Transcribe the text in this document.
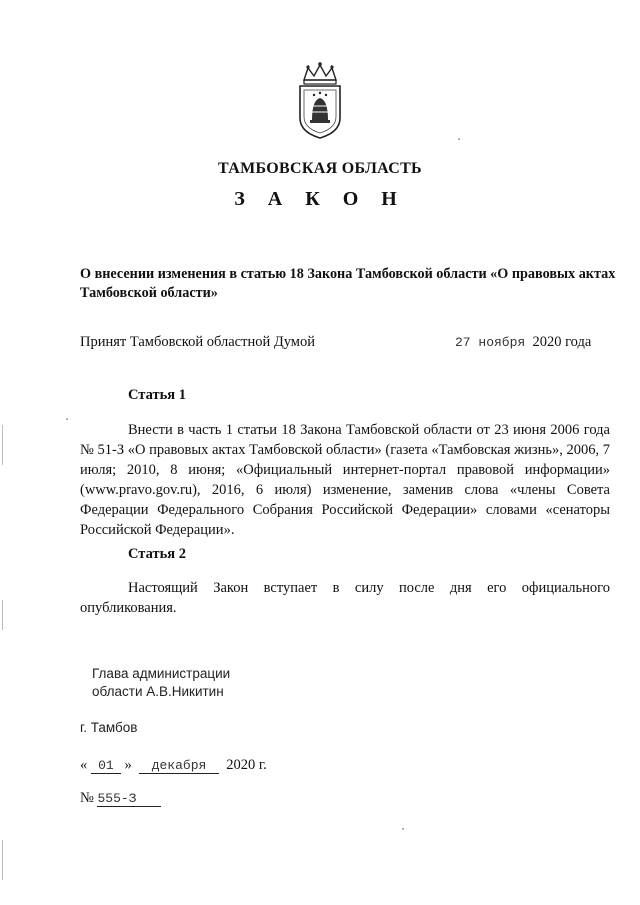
ТАМБОВСКАЯ ОБЛАСТЬ
З А К О Н
О внесении изменения в статью 18 Закона Тамбовской области «О правовых актах Тамбовской области»
Принят Тамбовской областной Думой	27 ноября 2020 года
Статья 1

Внести в часть 1 статьи 18 Закона Тамбовской области от 23 июня 2006 года № 51-З «О правовых актах Тамбовской области» (газета «Тамбовская жизнь», 2006, 7 июля; 2010, 8 июня; «Официальный интернет-портал правовой информации» (www.pravo.gov.ru), 2016, 6 июля) изменение, заменив слова «члены Совета Федерации Федерального Собрания Российской Федерации» словами «сенаторы Российской Федерации».

Статья 2

Настоящий Закон вступает в силу после дня его официального опубликования.

Глава администрации
области А.В.Никитин
г. Тамбов
« 01 » декабря 2020 г.
№ 555-З
